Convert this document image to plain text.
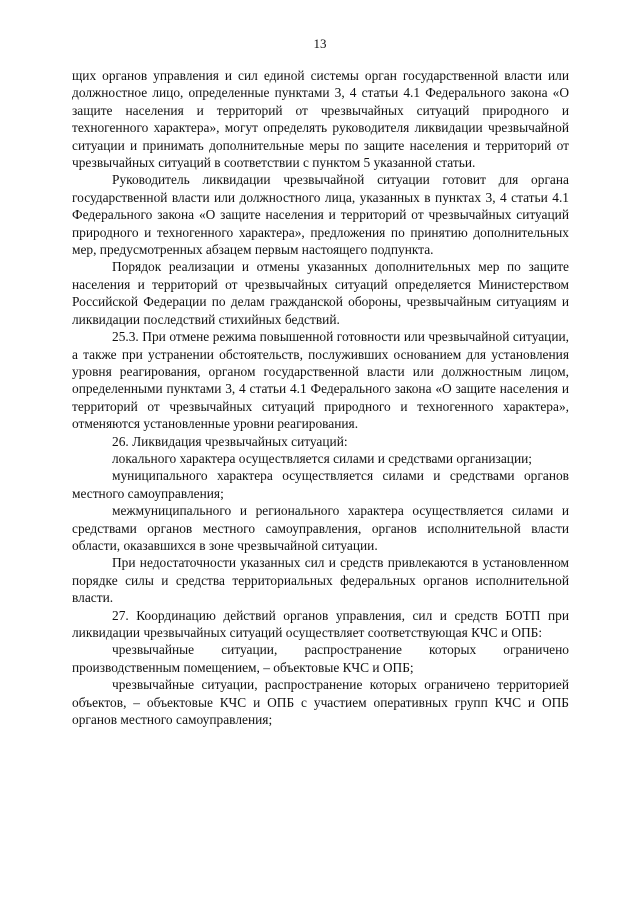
13

щих органов управления и сил единой системы орган государственной власти или должностное лицо, определенные пунктами 3, 4 статьи 4.1 Федерального закона «О защите населения и территорий от чрезвычайных ситуаций природного и техногенного характера», могут определять руководителя ликвидации чрезвычайной ситуации и принимать дополнительные меры по защите населения и территорий от чрезвычайных ситуаций в соответствии с пунктом 5 указанной статьи.

Руководитель ликвидации чрезвычайной ситуации готовит для органа государственной власти или должностного лица, указанных в пунктах 3, 4 статьи 4.1 Федерального закона «О защите населения и территорий от чрезвычайных ситуаций природного и техногенного характера», предложения по принятию дополнительных мер, предусмотренных абзацем первым настоящего подпункта.

Порядок реализации и отмены указанных дополнительных мер по защите населения и территорий от чрезвычайных ситуаций определяется Министерством Российской Федерации по делам гражданской обороны, чрезвычайным ситуациям и ликвидации последствий стихийных бедствий.

25.3. При отмене режима повышенной готовности или чрезвычайной ситуации, а также при устранении обстоятельств, послуживших основанием для установления уровня реагирования, органом государственной власти или должностным лицом, определенными пунктами 3, 4 статьи 4.1 Федерального закона «О защите населения и территорий от чрезвычайных ситуаций природного и техногенного характера», отменяются установленные уровни реагирования.

26. Ликвидация чрезвычайных ситуаций:

локального характера осуществляется силами и средствами организации;

муниципального характера осуществляется силами и средствами органов местного самоуправления;

межмуниципального и регионального характера осуществляется силами и средствами органов местного самоуправления, органов исполнительной власти области, оказавшихся в зоне чрезвычайной ситуации.

При недостаточности указанных сил и средств привлекаются в установленном порядке силы и средства территориальных федеральных органов исполнительной власти.

27. Координацию действий органов управления, сил и средств БОТП при ликвидации чрезвычайных ситуаций осуществляет соответствующая КЧС и ОПБ:

чрезвычайные ситуации, распространение которых ограничено производственным помещением, – объектовые КЧС и ОПБ;

чрезвычайные ситуации, распространение которых ограничено территорией объектов, – объектовые КЧС и ОПБ с участием оперативных групп КЧС и ОПБ органов местного самоуправления;
